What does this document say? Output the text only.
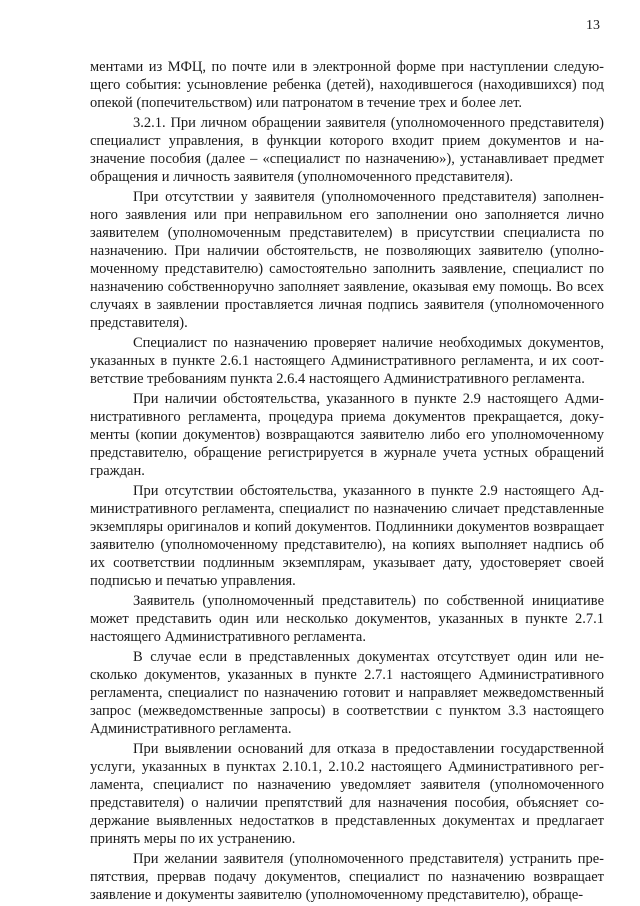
13

ментами из МФЦ, по почте или в электронной форме при наступлении следующего события: усыновление ребенка (детей), находившегося (находившихся) под опекой (попечительством) или патронатом в течение трех и более лет.

3.2.1. При личном обращении заявителя (уполномоченного представителя) специалист управления, в функции которого входит прием документов и назначение пособия (далее – «специалист по назначению»), устанавливает предмет обращения и личность заявителя (уполномоченного представителя).

При отсутствии у заявителя (уполномоченного представителя) заполненного заявления или при неправильном его заполнении оно заполняется лично заявителем (уполномоченным представителем) в присутствии специалиста по назначению. При наличии обстоятельств, не позволяющих заявителю (уполномоченному представителю) самостоятельно заполнить заявление, специалист по назначению собственноручно заполняет заявление, оказывая ему помощь. Во всех случаях в заявлении проставляется личная подпись заявителя (уполномоченного представителя).

Специалист по назначению проверяет наличие необходимых документов, указанных в пункте 2.6.1 настоящего Административного регламента, и их соответствие требованиям пункта 2.6.4 настоящего Административного регламента.

При наличии обстоятельства, указанного в пункте 2.9 настоящего Административного регламента, процедура приема документов прекращается, документы (копии документов) возвращаются заявителю либо его уполномоченному представителю, обращение регистрируется в журнале учета устных обращений граждан.

При отсутствии обстоятельства, указанного в пункте 2.9 настоящего Административного регламента, специалист по назначению сличает представленные экземпляры оригиналов и копий документов. Подлинники документов возвращает заявителю (уполномоченному представителю), на копиях выполняет надпись об их соответствии подлинным экземплярам, указывает дату, удостоверяет своей подписью и печатью управления.

Заявитель (уполномоченный представитель) по собственной инициативе может представить один или несколько документов, указанных в пункте 2.7.1 настоящего Административного регламента.

В случае если в представленных документах отсутствует один или несколько документов, указанных в пункте 2.7.1 настоящего Административного регламента, специалист по назначению готовит и направляет межведомственный запрос (межведомственные запросы) в соответствии с пунктом 3.3 настоящего Административного регламента.

При выявлении оснований для отказа в предоставлении государственной услуги, указанных в пунктах 2.10.1, 2.10.2 настоящего Административного регламента, специалист по назначению уведомляет заявителя (уполномоченного представителя) о наличии препятствий для назначения пособия, объясняет содержание выявленных недостатков в представленных документах и предлагает принять меры по их устранению.

При желании заявителя (уполномоченного представителя) устранить препятствия, прервав подачу документов, специалист по назначению возвращает заявление и документы заявителю (уполномоченному представителю), обраще-
